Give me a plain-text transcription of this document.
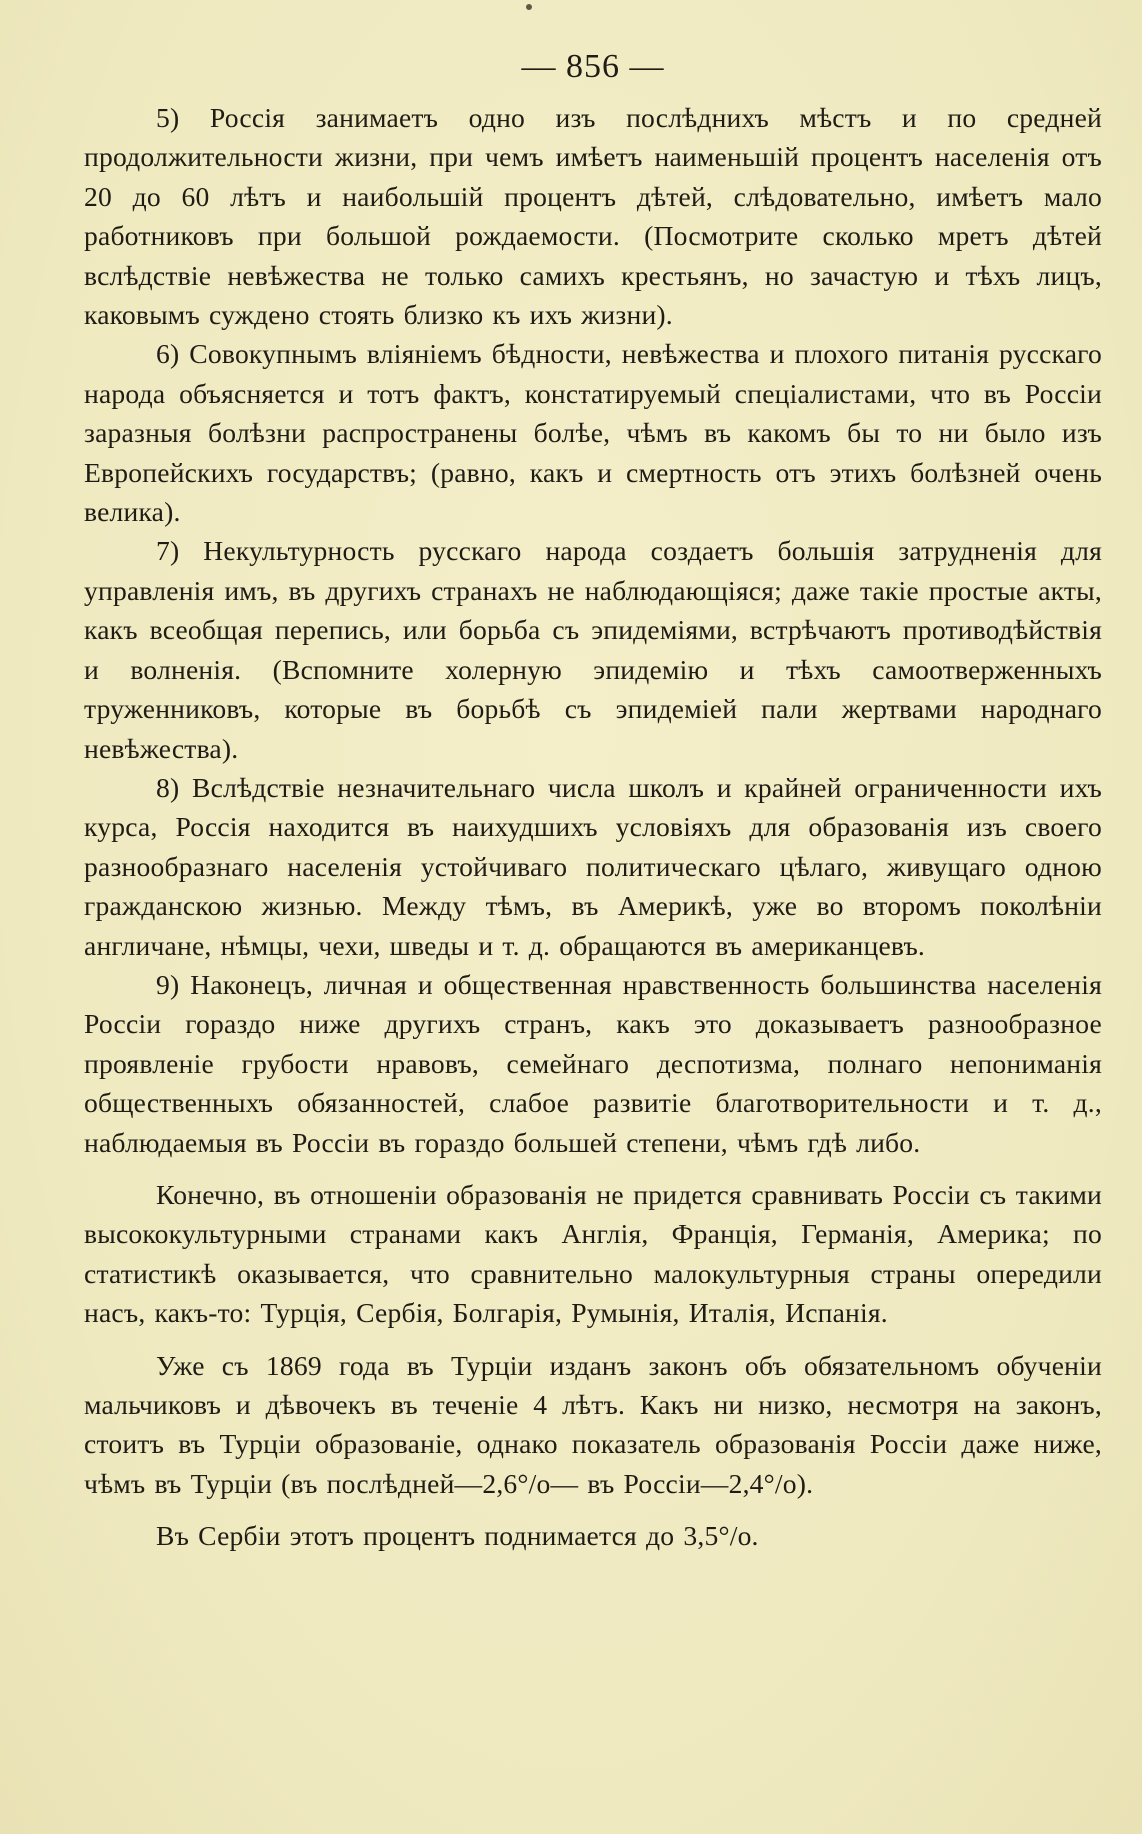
— 856 —

5) Россія занимаетъ одно изъ послѣднихъ мѣстъ и по средней продолжительности жизни, при чемъ имѣетъ наименьшій процентъ населенія отъ 20 до 60 лѣтъ и наибольшій процентъ дѣтей, слѣдовательно, имѣетъ мало работниковъ при большой рождаемости. (Посмотрите сколько мретъ дѣтей вслѣдствіе невѣжества не только самихъ крестьянъ, но зачастую и тѣхъ лицъ, каковымъ суждено стоять близко къ ихъ жизни).

6) Совокупнымъ вліяніемъ бѣдности, невѣжества и плохого питанія русскаго народа объясняется и тотъ фактъ, констатируемый спеціалистами, что въ Россіи заразныя болѣзни распространены болѣе, чѣмъ въ какомъ бы то ни было изъ Европейскихъ государствъ; (равно, какъ и смертность отъ этихъ болѣзней очень велика).

7) Некультурность русскаго народа создаетъ большія затрудненія для управленія имъ, въ другихъ странахъ не наблюдающіяся; даже такіе простые акты, какъ всеобщая перепись, или борьба съ эпидеміями, встрѣчаютъ противодѣйствія и волненія. (Вспомните холерную эпидемію и тѣхъ самоотверженныхъ труженниковъ, которые въ борьбѣ съ эпидеміей пали жертвами народнаго невѣжества).

8) Вслѣдствіе незначительнаго числа школъ и крайней ограниченности ихъ курса, Россія находится въ наихудшихъ условіяхъ для образованія изъ своего разнообразнаго населенія устойчиваго политическаго цѣлаго, живущаго одною гражданскою жизнью. Между тѣмъ, въ Америкѣ, уже во второмъ поколѣніи англичане, нѣмцы, чехи, шведы и т. д. обращаются въ американцевъ.

9) Наконецъ, личная и общественная нравственность большинства населенія Россіи гораздо ниже другихъ странъ, какъ это доказываетъ разнообразное проявленіе грубости нравовъ, семейнаго деспотизма, полнаго непониманія общественныхъ обязанностей, слабое развитіе благотворительности и т. д., наблюдаемыя въ Россіи въ гораздо большей степени, чѣмъ гдѣ либо.

Конечно, въ отношеніи образованія не придется сравнивать Россіи съ такими высококультурными странами какъ Англія, Франція, Германія, Америка; по статистикѣ оказывается, что сравнительно малокультурныя страны опередили насъ, какъ-то: Турція, Сербія, Болгарія, Румынія, Италія, Испанія.

Уже съ 1869 года въ Турціи изданъ законъ объ обязательномъ обученіи мальчиковъ и дѣвочекъ въ теченіе 4 лѣтъ. Какъ ни низко, несмотря на законъ, стоитъ въ Турціи образованіе, однако показатель образованія Россіи даже ниже, чѣмъ въ Турціи (въ послѣдней—2,6°/о— въ Россіи—2,4°/о).

Въ Сербіи этотъ процентъ поднимается до 3,5°/о.
